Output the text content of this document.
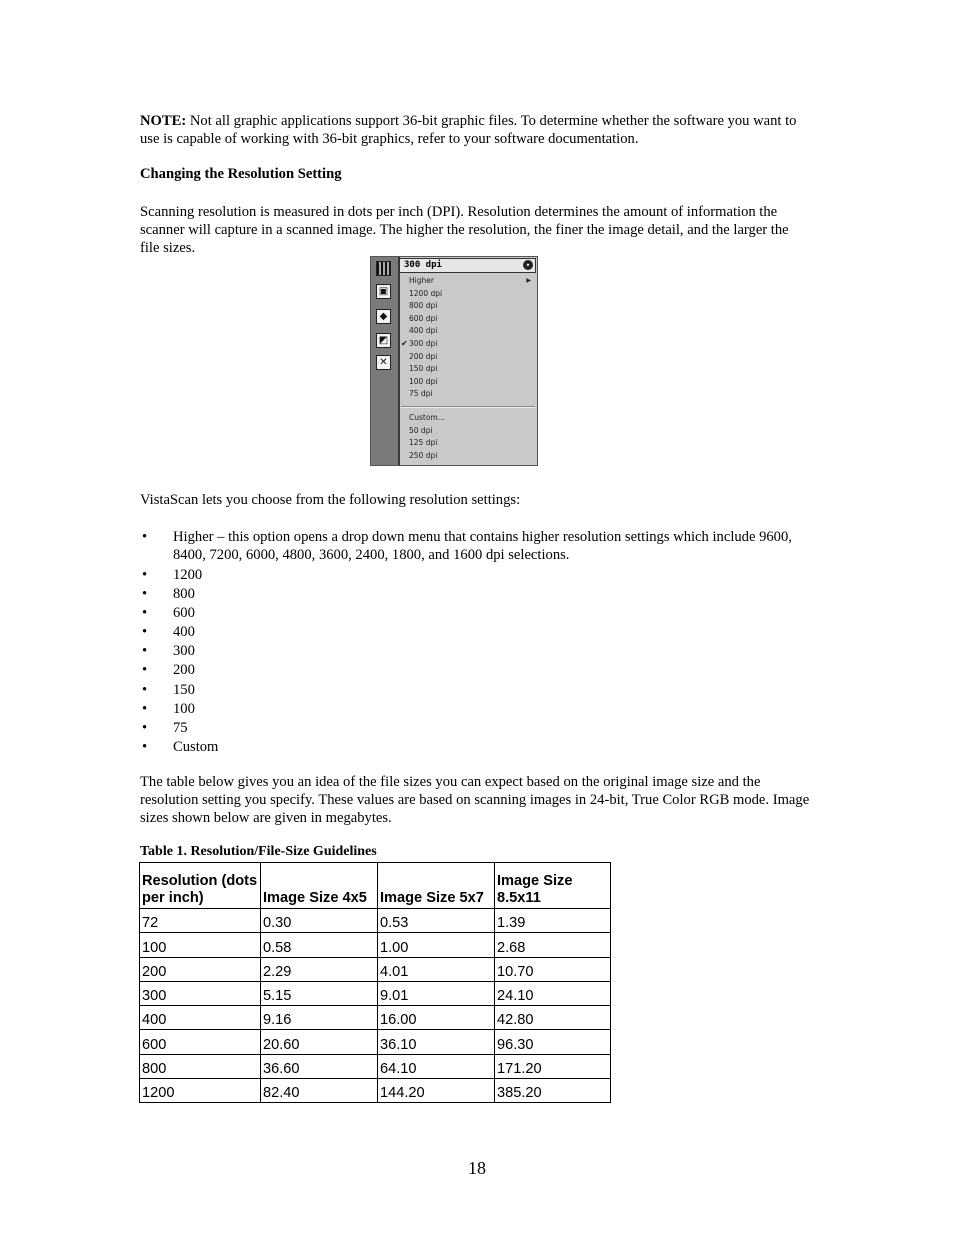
NOTE: Not all graphic applications support 36-bit graphic files. To determine whether the software you want to use is capable of working with 36-bit graphics, refer to your software documentation.

Changing the Resolution Setting

Scanning resolution is measured in dots per inch (DPI). Resolution determines the amount of information the scanner will capture in a scanned image. The higher the resolution, the finer the image detail, and the larger the file sizes.

▣
◆
◩
✕
300 dpi	▾
Higher	▶
1200 dpi
800 dpi
600 dpi
400 dpi
✔ 300 dpi
200 dpi
150 dpi
100 dpi
75 dpi
Custom...
50 dpi
125 dpi
250 dpi

VistaScan lets you choose from the following resolution settings:

• Higher – this option opens a drop down menu that contains higher resolution settings which include 9600, 8400, 7200, 6000, 4800, 3600, 2400, 1800, and 1600 dpi selections.
• 1200
• 800
• 600
• 400
• 300
• 200
• 150
• 100
• 75
• Custom

The table below gives you an idea of the file sizes you can expect based on the original image size and the resolution setting you specify. These values are based on scanning images in 24-bit, True Color RGB mode. Image sizes shown below are given in megabytes.

Table 1. Resolution/File-Size Guidelines

Resolution (dots per inch)	Image Size 4x5	Image Size 5x7	Image Size 8.5x11
72	0.30	0.53	1.39
100	0.58	1.00	2.68
200	2.29	4.01	10.70
300	5.15	9.01	24.10
400	9.16	16.00	42.80
600	20.60	36.10	96.30
800	36.60	64.10	171.20
1200	82.40	144.20	385.20

18
